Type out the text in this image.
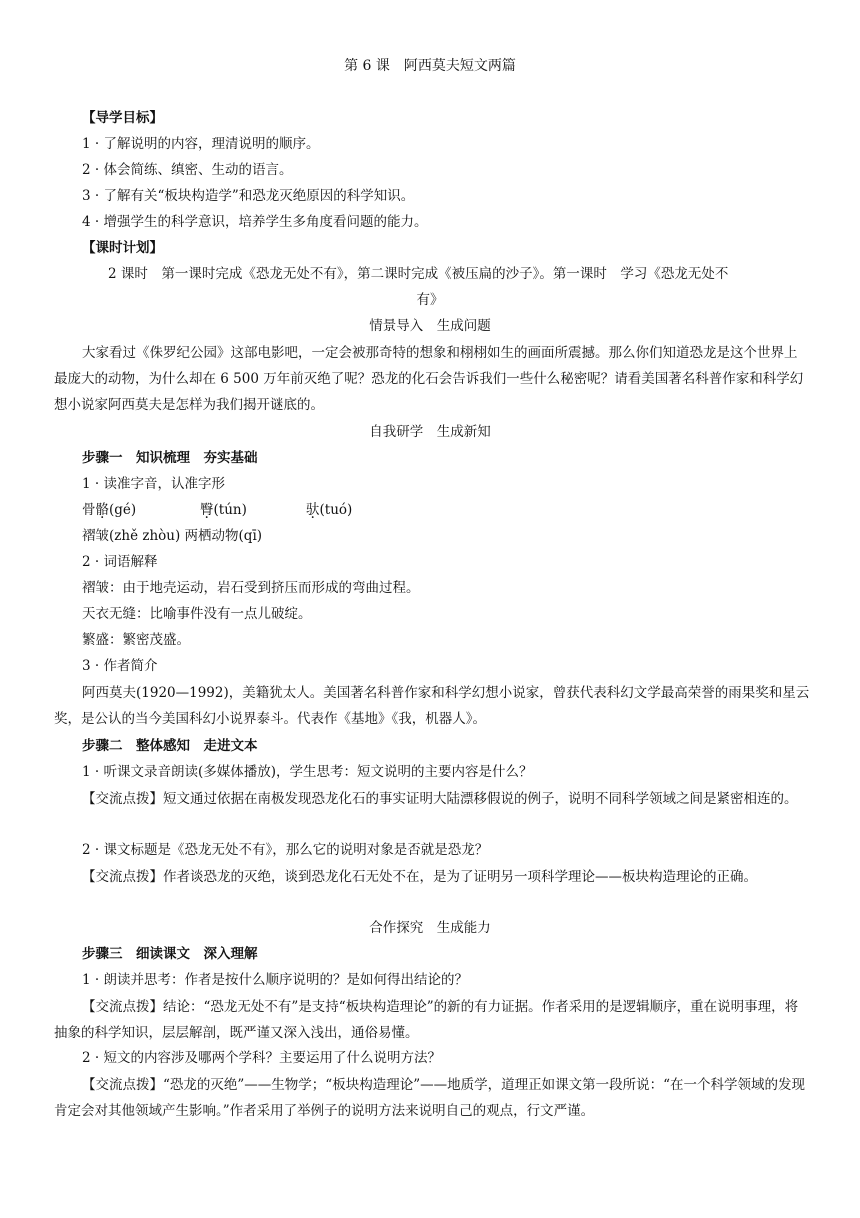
第 6 课　阿西莫夫短文两篇
【导学目标】
1 · 了解说明的内容，理清说明的顺序。
2 · 体会简练、缜密、生动的语言。
3 · 了解有关“板块构造学”和恐龙灭绝原因的科学知识。
4 · 增强学生的科学意识，培养学生多角度看问题的能力。
【课时计划】
2 课时　第一课时完成《恐龙无处不有》，第二课时完成《被压扁的沙子》。第一课时　学习《恐龙无处不
有》
情景导入　生成问题
大家看过《侏罗纪公园》这部电影吧，一定会被那奇特的想象和栩栩如生的画面所震撼。那么你们知道恐龙是这个世界上最庞大的动物，为什么却在 6 500 万年前灭绝了呢？恐龙的化石会告诉我们一些什么秘密呢？请看美国著名科普作家和科学幻想小说家阿西莫夫是怎样为我们揭开谜底的。
自我研学　生成新知
步骤一　知识梳理　夯实基础
1 · 读准字音，认准字形
骨骼(gé)	臀(tún)	驮(tuó)
褶皱(zhě zhòu) 两栖动物(qī)
2 · 词语解释
褶皱：由于地壳运动，岩石受到挤压而形成的弯曲过程。
天衣无缝：比喻事件没有一点儿破绽。
繁盛：繁密茂盛。
3 · 作者简介
阿西莫夫(1920—1992)，美籍犹太人。美国著名科普作家和科学幻想小说家，曾获代表科幻文学最高荣誉的雨果奖和星云奖，是公认的当今美国科幻小说界泰斗。代表作《基地》《我，机器人》。
步骤二　整体感知　走进文本
1 · 听课文录音朗读(多媒体播放)，学生思考：短文说明的主要内容是什么？
【交流点拨】短文通过依据在南极发现恐龙化石的事实证明大陆漂移假说的例子，说明不同科学领域之间是紧密相连的。
2 · 课文标题是《恐龙无处不有》，那么它的说明对象是否就是恐龙？
【交流点拨】作者谈恐龙的灭绝，谈到恐龙化石无处不在，是为了证明另一项科学理论——板块构造理论的正确。
合作探究　生成能力
步骤三　细读课文　深入理解
1 · 朗读并思考：作者是按什么顺序说明的？是如何得出结论的？
【交流点拨】结论：“恐龙无处不有”是支持“板块构造理论”的新的有力证据。作者采用的是逻辑顺序，重在说明事理，将抽象的科学知识，层层解剖，既严谨又深入浅出，通俗易懂。
2 · 短文的内容涉及哪两个学科？主要运用了什么说明方法？
【交流点拨】“恐龙的灭绝”——生物学；“板块构造理论”——地质学，道理正如课文第一段所说：“在一个科学领域的发现肯定会对其他领域产生影响。”作者采用了举例子的说明方法来说明自己的观点，行文严谨。
